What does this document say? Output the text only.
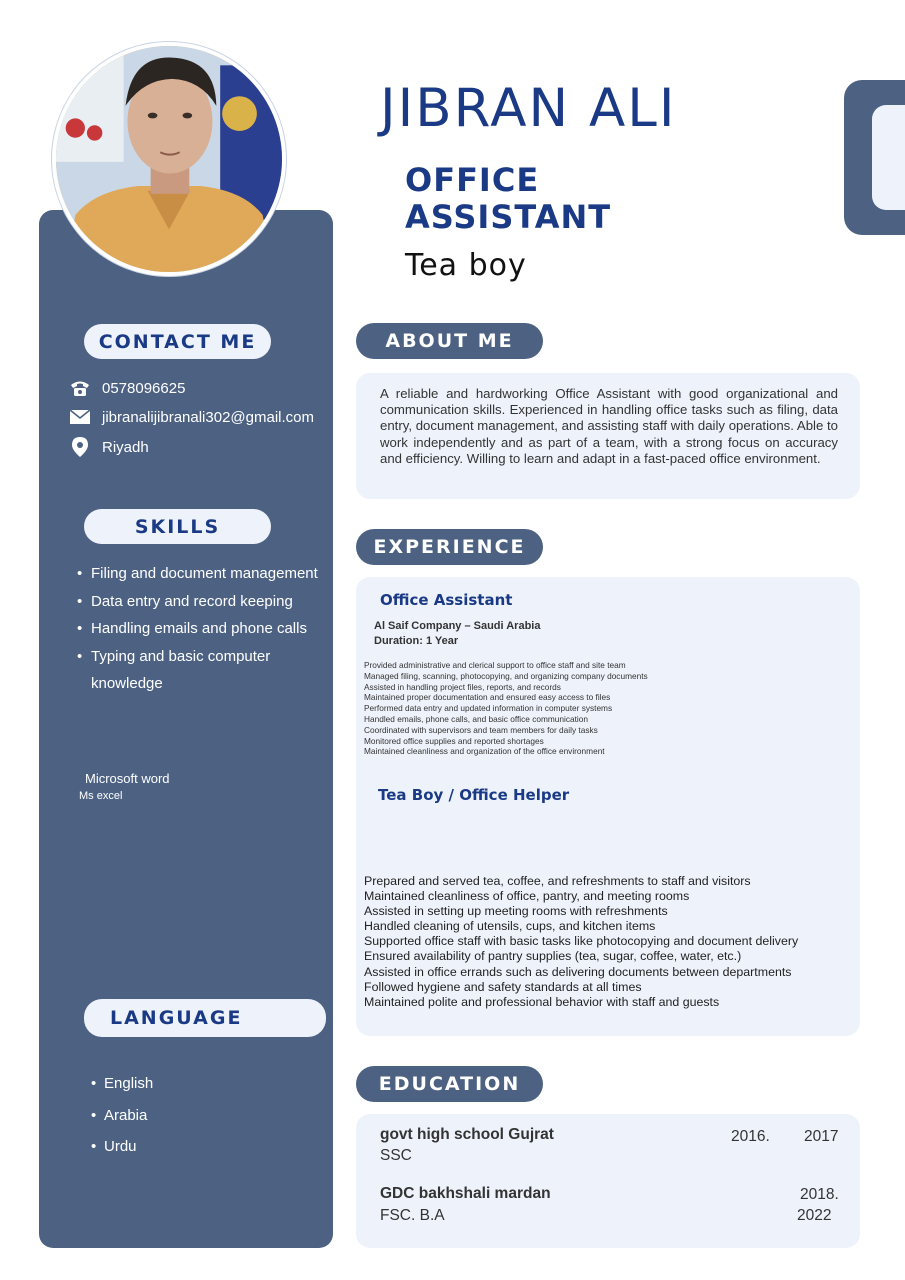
JIBRAN ALI
OFFICE
ASSISTANT
Tea boy
CONTACT ME
0578096625
jibranalijibranali302@gmail.com
Riyadh
SKILLS
• Filing and document management
• Data entry and record keeping
• Handling emails and phone calls
• Typing and basic computer knowledge
Microsoft word
Ms excel
LANGUAGE
• English
• Arabia
• Urdu
ABOUT ME
A reliable and hardworking Office Assistant with good organizational and communication skills. Experienced in handling office tasks such as filing, data entry, document management, and assisting staff with daily operations. Able to work independently and as part of a team, with a strong focus on accuracy and efficiency. Willing to learn and adapt in a fast-paced office environment.
EXPERIENCE
Office Assistant
Al Saif Company – Saudi Arabia
Duration: 1 Year
Provided administrative and clerical support to office staff and site team
Managed filing, scanning, photocopying, and organizing company documents
Assisted in handling project files, reports, and records
Maintained proper documentation and ensured easy access to files
Performed data entry and updated information in computer systems
Handled emails, phone calls, and basic office communication
Coordinated with supervisors and team members for daily tasks
Monitored office supplies and reported shortages
Maintained cleanliness and organization of the office environment
Tea Boy / Office Helper
Prepared and served tea, coffee, and refreshments to staff and visitors
Maintained cleanliness of office, pantry, and meeting rooms
Assisted in setting up meeting rooms with refreshments
Handled cleaning of utensils, cups, and kitchen items
Supported office staff with basic tasks like photocopying and document delivery
Ensured availability of pantry supplies (tea, sugar, coffee, water, etc.)
Assisted in office errands such as delivering documents between departments
Followed hygiene and safety standards at all times
Maintained polite and professional behavior with staff and guests
EDUCATION
govt high school Gujrat
SSC
2016. 2017
GDC bakhshali mardan
FSC. B.A
2018.
2022
